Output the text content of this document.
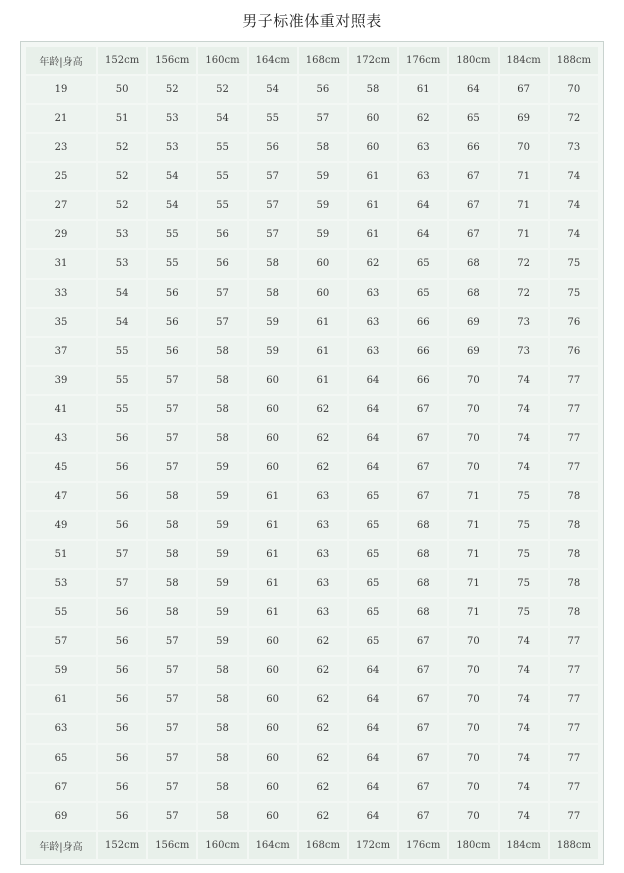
男子标准体重对照表
年龄|身高	152cm	156cm	160cm	164cm	168cm	172cm	176cm	180cm	184cm	188cm
19	50	52	52	54	56	58	61	64	67	70
21	51	53	54	55	57	60	62	65	69	72
23	52	53	55	56	58	60	63	66	70	73
25	52	54	55	57	59	61	63	67	71	74
27	52	54	55	57	59	61	64	67	71	74
29	53	55	56	57	59	61	64	67	71	74
31	53	55	56	58	60	62	65	68	72	75
33	54	56	57	58	60	63	65	68	72	75
35	54	56	57	59	61	63	66	69	73	76
37	55	56	58	59	61	63	66	69	73	76
39	55	57	58	60	61	64	66	70	74	77
41	55	57	58	60	62	64	67	70	74	77
43	56	57	58	60	62	64	67	70	74	77
45	56	57	59	60	62	64	67	70	74	77
47	56	58	59	61	63	65	67	71	75	78
49	56	58	59	61	63	65	68	71	75	78
51	57	58	59	61	63	65	68	71	75	78
53	57	58	59	61	63	65	68	71	75	78
55	56	58	59	61	63	65	68	71	75	78
57	56	57	59	60	62	65	67	70	74	77
59	56	57	58	60	62	64	67	70	74	77
61	56	57	58	60	62	64	67	70	74	77
63	56	57	58	60	62	64	67	70	74	77
65	56	57	58	60	62	64	67	70	74	77
67	56	57	58	60	62	64	67	70	74	77
69	56	57	58	60	62	64	67	70	74	77
年龄|身高	152cm	156cm	160cm	164cm	168cm	172cm	176cm	180cm	184cm	188cm
